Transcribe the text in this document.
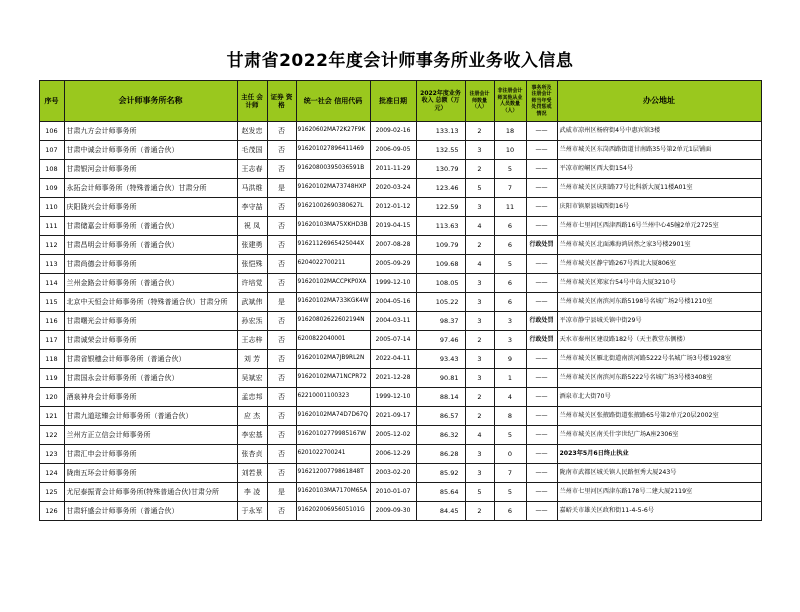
甘肃省2022年度会计师事务所业务收入信息
序号	会计师事务所名称	主任 会计师	证券 资格	统一社会 信用代码	批准日期	2022年度业务收入 总额（万元）	注册会计 师数量 （人）	非注册会计 师其他从业 人员数量 （人）	事务所及 注册会计 师当年受 处罚惩戒 情况	办公地址
106	甘肃九方会计师事务所	赵发忠	否	91620602MA72K27F9K	2009-02-16	133.13	2	18	——	武威市凉州区杨府街4号中惠宾馆3楼
107	甘肃中诚会计师事务所（普通合伙）	毛茂国	否	916201027896411469	2006-09-05	132.55	3	10	——	兰州市城关区东岗西路街道甘南路35号第2单元1层铺面
108	甘肃银河会计师事务所	王志春	否	91620800395036591B	2011-11-29	130.79	2	5	——	平凉市崆峒区西大街154号
109	永拓会计师事务所（特殊普通合伙）甘肃分所	马洪维	是	91620102MA73748HXP	2020-03-24	123.46	5	7	——	兰州市城关区庆阳路77号比科新大厦11楼A01室
110	庆阳陇兴会计师事务所	李守喆	否	91621002690380627L	2012-01-12	122.59	3	11	——	庆阳市镇原县城西街16号
111	甘肃储嘉会计师事务所（普通合伙）	祝 凤	否	91620103MA75XKHD3B	2019-04-15	113.63	4	6	——	兰州市七里河区西津西路16号兰州中心45幢2单元2725室
112	甘肃昌明会计师事务所（普通合伙）	张建勇	否	91621126965425044X	2007-08-28	109.79	2	6	行政处罚	兰州市城关区北面滩海鸿居然之家3号楼2901室
113	甘肃尚德会计师事务所	张恺殊	否	6204022700211	2005-09-29	109.68	4	5	——	兰州市城关区静宁路267号西北大厦806室
114	兰州金路会计师事务所（普通合伙）	许培觉	否	91620102MACCPKP0XA	1999-12-10	108.05	3	6	——	兰州市城关区郑家台54号中岛大厦3210号
115	北京中天恒会计师事务所（特殊普通合伙）甘肃分所	武斌伟	是	91620102MA733KGK4W	2004-05-16	105.22	3	6	——	兰州市城关区南滨河东路5198号名城广场2号楼1210室
116	甘肃曙光会计师事务所	孙宏炁	否	91620802622602194N	2004-03-11	98.37	3	3	行政处罚	平凉市静宁县城关镇中街29号
117	甘肃诚荣会计师事务所	王志梓	否	6200822040001	2005-07-14	97.46	2	3	行政处罚	天水市秦州区建设路182号（天主教堂东侧楼）
118	甘肃省银穗会计师事务所（普通合伙）	刘 芳	否	91620102MA7JB9RL2N	2022-04-11	93.43	3	9	——	兰州市城关区雁北街道南滨河路5222号名城广场3号楼1928室
119	甘肃国永会计师事务所（普通合伙）	吴斌宏	否	91620102MA71NCPR72	2021-12-28	90.81	3	1	——	兰州市城关区南滨河东路5222号名城广场3号楼3408室
120	酒泉神舟会计师事务所	孟忠邦	否	62210001100323	1999-12-10	88.14	2	4	——	酒泉市北大街70号
121	甘肃九道玹臻会计师事务所（普通合伙）	应 杰	否	91620102MA74D7D67Q	2021-09-17	86.57	2	8	——	兰州市城关区张掖路街道张掖路65号第2单元20层2002室
122	兰州方正立信会计师事务所	李宏基	否	91620102779985167W	2005-12-02	86.32	4	5	——	兰州市城关区南关什字世纪广场A座2306室
123	甘肃汇申会计师事务所	张杏贞	否	6201022700241	2006-12-29	86.28	3	0	——	2023年5月6日终止执业
124	陇南五环会计师事务所	刘若景	否	91621200779861848T	2003-02-20	85.92	3	7	——	陇南市武都区城关镇人民路恒秀大厦243号
125	尤尼泰振青会计师事务所(特殊普通合伙)甘肃分所	李 凌	是	91620103MA7170M65A	2010-01-07	85.64	5	5	——	兰州市七里河区西津东路178号二建大厦2119室
126	甘肃轩盛会计师事务所（普通合伙）	于永军	否	91620200695605101G	2009-09-30	84.45	2	6	——	嘉峪关市雄关区政和街11-4-5-6号
